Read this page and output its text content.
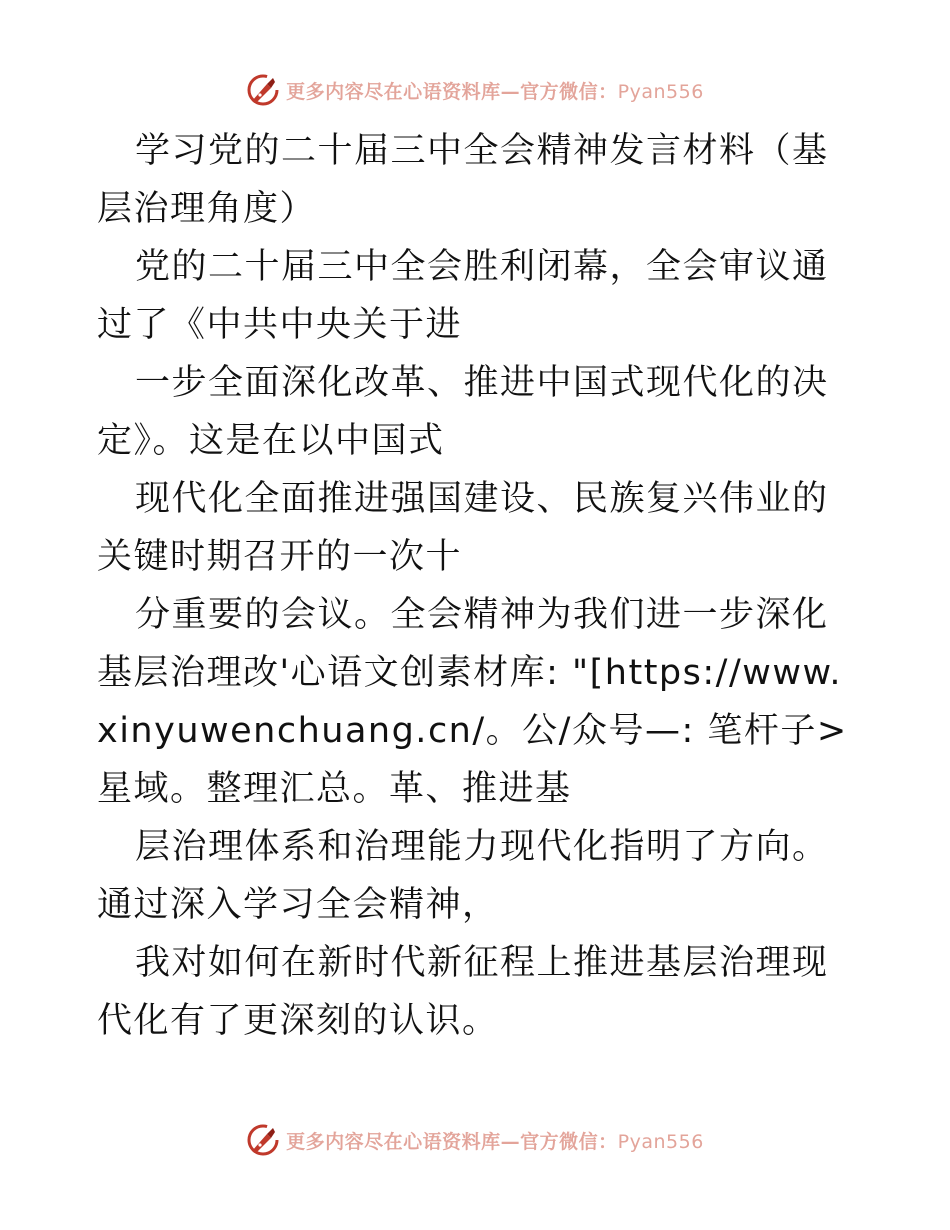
更多内容尽在心语资料库—官方微信：Pyan556

学习党的二十届三中全会精神发言材料（基层治理角度）

党的二十届三中全会胜利闭幕，全会审议通过了《中共中央关于进

一步全面深化改革、推进中国式现代化的决定》。这是在以中国式

现代化全面推进强国建设、民族复兴伟业的关键时期召开的一次十

分重要的会议。全会精神为我们进一步深化基层治理改'心语文创素材库: "[https://www.xinyuwenchuang.cn/。公/众号—: 笔杆子>星域。整理汇总。革、推进基

层治理体系和治理能力现代化指明了方向。通过深入学习全会精神，

我对如何在新时代新征程上推进基层治理现代化有了更深刻的认识。

更多内容尽在心语资料库—官方微信：Pyan556
